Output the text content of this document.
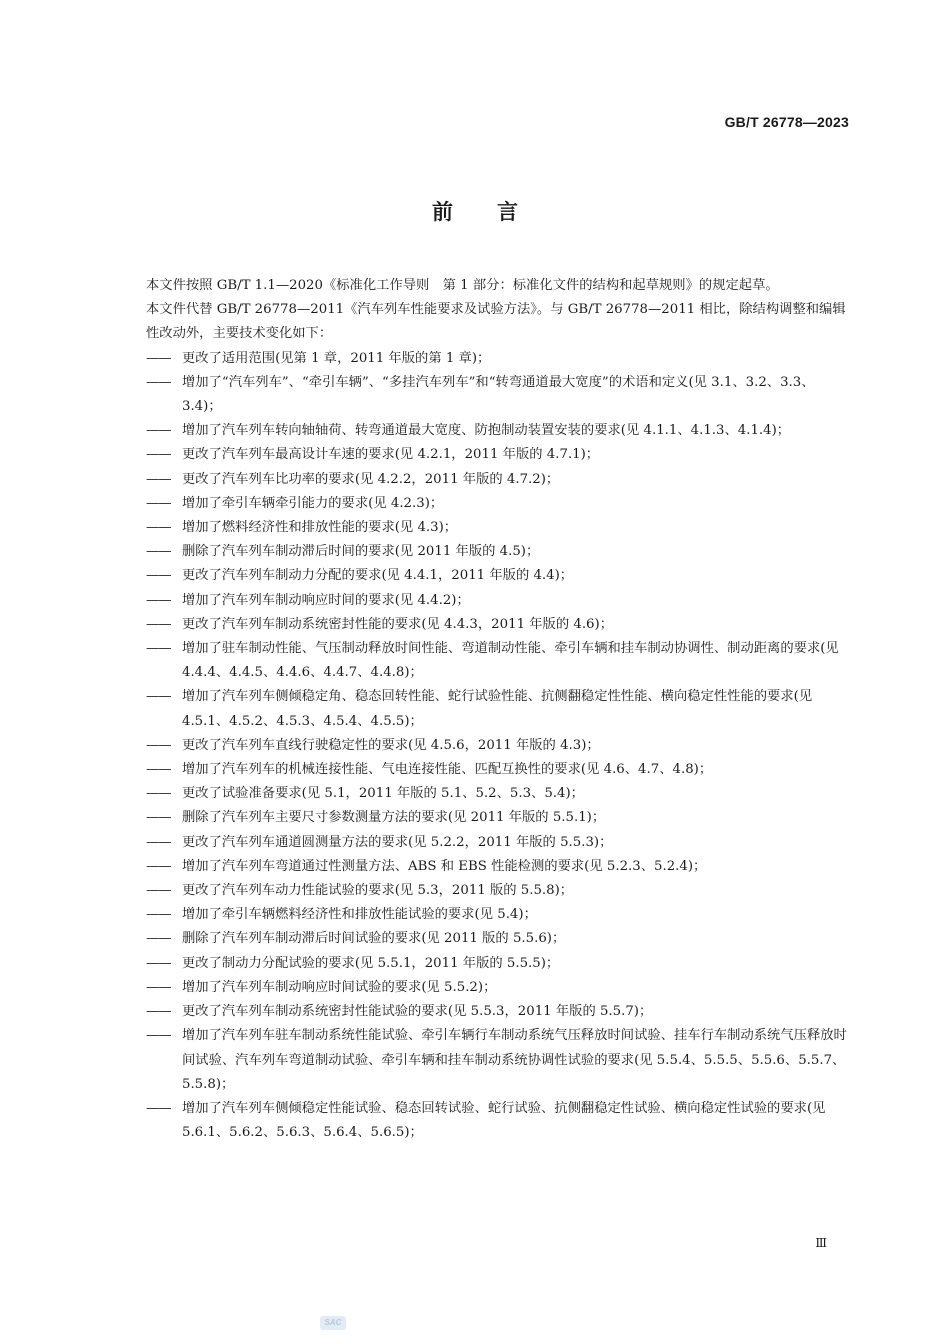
GB/T 26778—2023
前言

本文件按照 GB/T 1.1—2020《标准化工作导则　第 1 部分：标准化文件的结构和起草规则》的规定起草。

本文件代替 GB/T 26778—2011《汽车列车性能要求及试验方法》。与 GB/T 26778—2011 相比，除结构调整和编辑性改动外，主要技术变化如下：

—— 更改了适用范围(见第 1 章，2011 年版的第 1 章)；
—— 增加了“汽车列车”、“牵引车辆”、“多挂汽车列车”和“转弯通道最大宽度”的术语和定义(见 3.1、3.2、3.3、3.4)；
—— 增加了汽车列车转向轴轴荷、转弯通道最大宽度、防抱制动装置安装的要求(见 4.1.1、4.1.3、4.1.4)；
—— 更改了汽车列车最高设计车速的要求(见 4.2.1，2011 年版的 4.7.1)；
—— 更改了汽车列车比功率的要求(见 4.2.2，2011 年版的 4.7.2)；
—— 增加了牵引车辆牵引能力的要求(见 4.2.3)；
—— 增加了燃料经济性和排放性能的要求(见 4.3)；
—— 删除了汽车列车制动滞后时间的要求(见 2011 年版的 4.5)；
—— 更改了汽车列车制动力分配的要求(见 4.4.1，2011 年版的 4.4)；
—— 增加了汽车列车制动响应时间的要求(见 4.4.2)；
—— 更改了汽车列车制动系统密封性能的要求(见 4.4.3，2011 年版的 4.6)；
—— 增加了驻车制动性能、气压制动释放时间性能、弯道制动性能、牵引车辆和挂车制动协调性、制动距离的要求(见 4.4.4、4.4.5、4.4.6、4.4.7、4.4.8)；
—— 增加了汽车列车侧倾稳定角、稳态回转性能、蛇行试验性能、抗侧翻稳定性性能、横向稳定性性能的要求(见 4.5.1、4.5.2、4.5.3、4.5.4、4.5.5)；
—— 更改了汽车列车直线行驶稳定性的要求(见 4.5.6，2011 年版的 4.3)；
—— 增加了汽车列车的机械连接性能、气电连接性能、匹配互换性的要求(见 4.6、4.7、4.8)；
—— 更改了试验准备要求(见 5.1，2011 年版的 5.1、5.2、5.3、5.4)；
—— 删除了汽车列车主要尺寸参数测量方法的要求(见 2011 年版的 5.5.1)；
—— 更改了汽车列车通道圆测量方法的要求(见 5.2.2，2011 年版的 5.5.3)；
—— 增加了汽车列车弯道通过性测量方法、ABS 和 EBS 性能检测的要求(见 5.2.3、5.2.4)；
—— 更改了汽车列车动力性能试验的要求(见 5.3，2011 版的 5.5.8)；
—— 增加了牵引车辆燃料经济性和排放性能试验的要求(见 5.4)；
—— 删除了汽车列车制动滞后时间试验的要求(见 2011 版的 5.5.6)；
—— 更改了制动力分配试验的要求(见 5.5.1，2011 年版的 5.5.5)；
—— 增加了汽车列车制动响应时间试验的要求(见 5.5.2)；
—— 更改了汽车列车制动系统密封性能试验的要求(见 5.5.3，2011 年版的 5.5.7)；
—— 增加了汽车列车驻车制动系统性能试验、牵引车辆行车制动系统气压释放时间试验、挂车行车制动系统气压释放时间试验、汽车列车弯道制动试验、牵引车辆和挂车制动系统协调性试验的要求(见 5.5.4、5.5.5、5.5.6、5.5.7、5.5.8)；
—— 增加了汽车列车侧倾稳定性能试验、稳态回转试验、蛇行试验、抗侧翻稳定性试验、横向稳定性试验的要求(见 5.6.1、5.6.2、5.6.3、5.6.4、5.6.5)；
Ⅲ
SAC
